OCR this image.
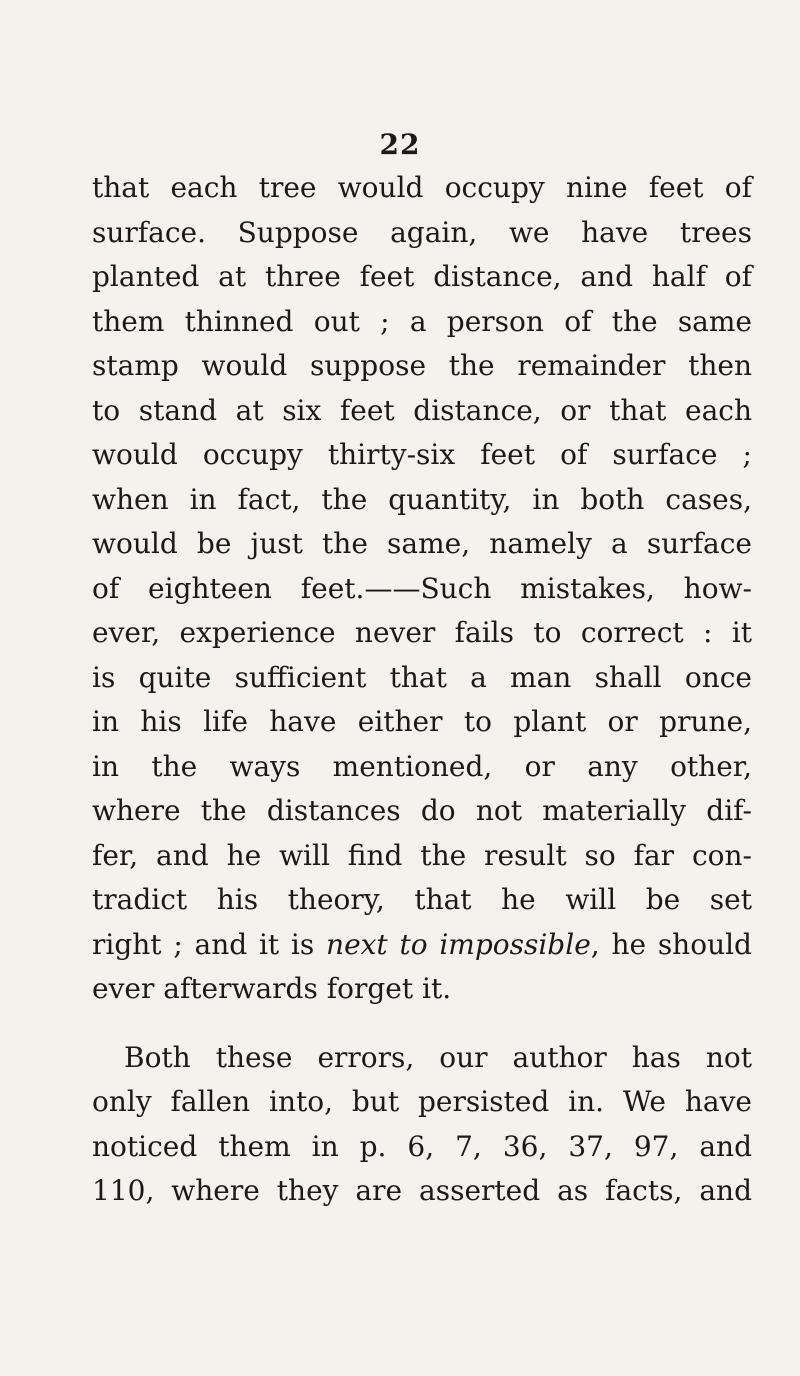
22
that each tree would occupy nine feet of
surface. Suppose again, we have trees
planted at three feet distance, and half of
them thinned out ; a person of the same
stamp would suppose the remainder then
to stand at six feet distance, or that each
would occupy thirty-six feet of surface ;
when in fact, the quantity, in both cases,
would be just the same, namely a surface
of eighteen feet.——Such mistakes, how-
ever, experience never fails to correct : it
is quite sufficient that a man shall once
in his life have either to plant or prune,
in the ways mentioned, or any other,
where the distances do not materially dif-
fer, and he will find the result so far con-
tradict his theory, that he will be set
right ; and it is next to impossible, he should
ever afterwards forget it.
Both these errors, our author has not
only fallen into, but persisted in. We have
noticed them in p. 6, 7, 36, 37, 97, and
110, where they are asserted as facts, and
